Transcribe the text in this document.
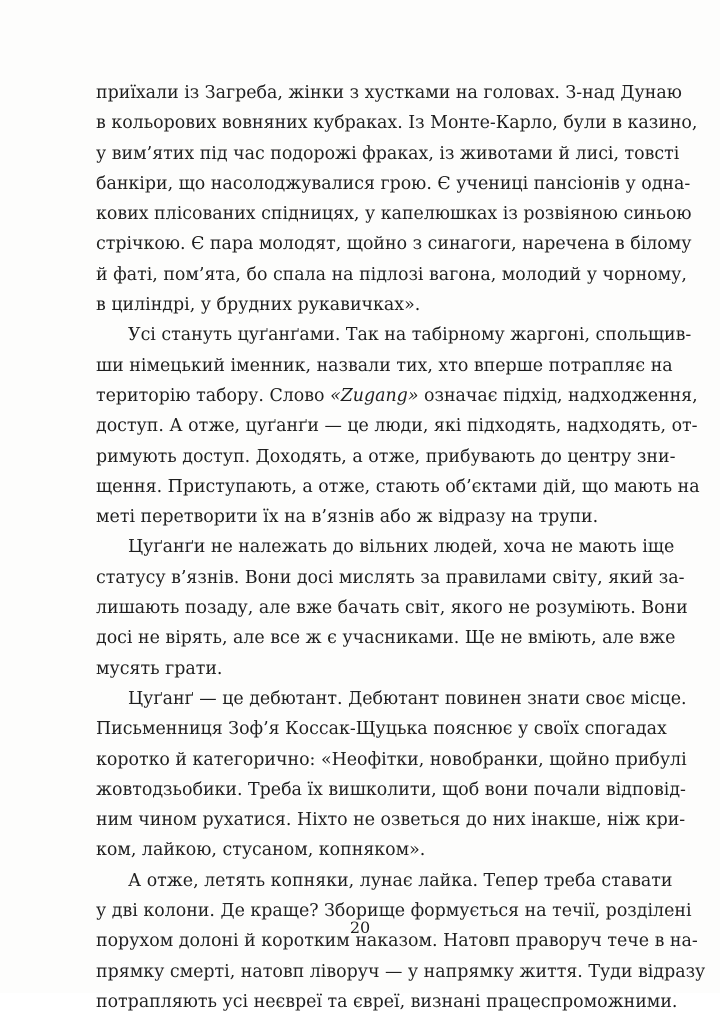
приїхали із Загреба, жінки з хустками на головах. З-над Дунаю
в кольорових вовняних кубраках. Із Монте-Карло, були в казино,
у вим’ятих під час подорожі фраках, із животами й лисі, товсті
банкіри, що насолоджувалися грою. Є учениці пансіонів у одна-
кових плісованих спідницях, у капелюшках із розвіяною синьою
стрічкою. Є пара молодят, щойно з синагоги, наречена в білому
й фаті, пом’ята, бо спала на підлозі вагона, молодий у чорному,
в циліндрі, у брудних рукавичках».
Усі стануть цуґанґами. Так на табірному жаргоні, спольщив-
ши німецький іменник, назвали тих, хто вперше потрапляє на
територію табору. Слово «Zugang» означає підхід, надходження,
доступ. А отже, цуґанґи — це люди, які підходять, надходять, от-
римують доступ. Доходять, а отже, прибувають до центру зни-
щення. Приступають, а отже, стають об’єктами дій, що мають на
меті перетворити їх на в’язнів або ж відразу на трупи.
Цуґанґи не належать до вільних людей, хоча не мають іще
статусу в’язнів. Вони досі мислять за правилами світу, який за-
лишають позаду, але вже бачать світ, якого не розуміють. Вони
досі не вірять, але все ж є учасниками. Ще не вміють, але вже
мусять грати.
Цуґанґ — це дебютант. Дебютант повинен знати своє місце.
Письменниця Зоф’я Коссак-Щуцька пояснює у своїх спогадах
коротко й категорично: «Неофітки, новобранки, щойно прибулі
жовтодзьобики. Треба їх вишколити, щоб вони почали відповід-
ним чином рухатися. Ніхто не озветься до них інакше, ніж кри-
ком, лайкою, стусаном, копняком».
А отже, летять копняки, лунає лайка. Тепер треба ставати
у дві колони. Де краще? Зборище формується на течії, розділені
порухом долоні й коротким наказом. Натовп праворуч тече в на-
прямку смерті, натовп ліворуч — у напрямку життя. Туди відразу
потрапляють усі неєвреї та євреї, визнані працеспроможними.
20
